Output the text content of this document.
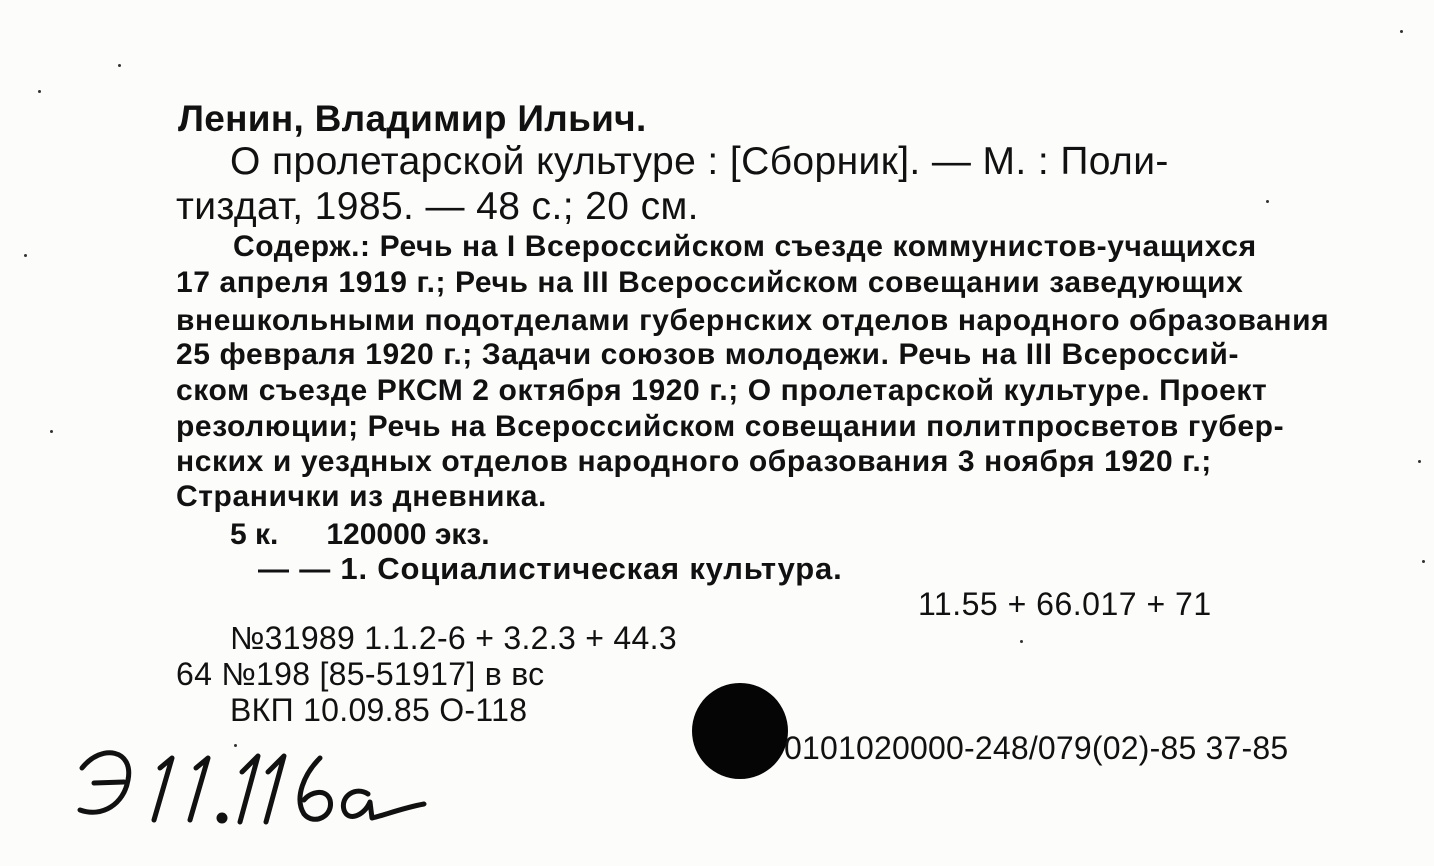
Ленин, Владимир Ильич.
О пролетарской культуре : [Сборник]. — М. : Поли-
тиздат, 1985. — 48 с.; 20 см.
Содерж.: Речь на I Всероссийском съезде коммунистов-учащихся
17 апреля 1919 г.; Речь на III Всероссийском совещании заведующих
внешкольными подотделами губернских отделов народного образования
25 февраля 1920 г.; Задачи союзов молодежи. Речь на III Всероссий-
ском съезде РКСМ 2 октября 1920 г.; О пролетарской культуре. Проект
резолюции; Речь на Всероссийском совещании политпросветов губер-
нских и уездных отделов народного образования 3 ноября 1920 г.;
Странички из дневника.
5 к. 120000 экз.
— — 1. Социалистическая культура.
11.55 + 66.017 + 71
№31989 1.1.2-6 + 3.2.3 + 44.3
64 №198 [85-51917] в вс
ВКП 10.09.85 О-118
0101020000-248/079(02)-85 37-85
